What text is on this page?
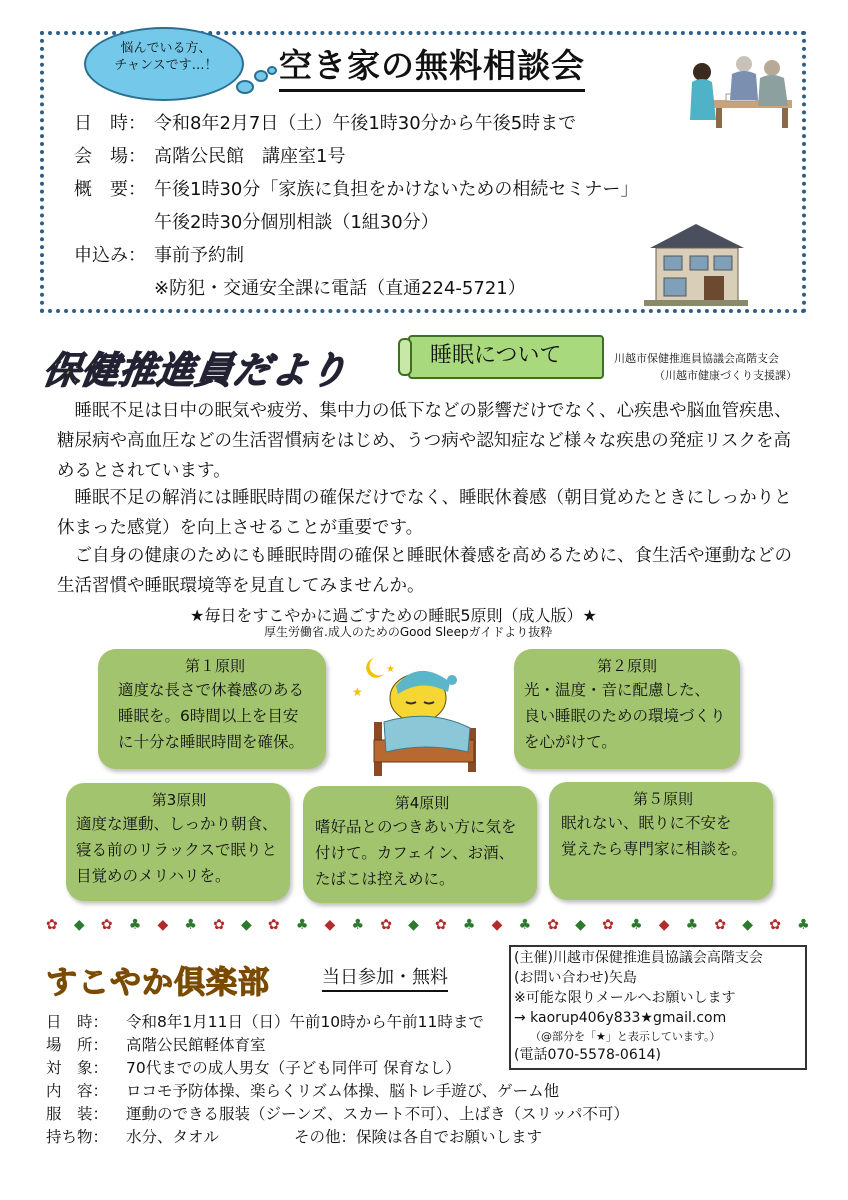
悩んでいる方、
チャンスです…！	空き家の無料相談会
日　時： 令和8年2月7日（土）午後1時30分から午後5時まで
会　場： 高階公民館　講座室1号
概　要： 午後1時30分「家族に負担をかけないための相続セミナー」
午後2時30分個別相談（1組30分）
申込み： 事前予約制
※防犯・交通安全課に電話（直通224-5721）
保健推進員だより	睡眠について	川越市保健推進員協議会高階支会
（川越市健康づくり支援課）
　睡眠不足は日中の眠気や疲労、集中力の低下などの影響だけでなく、心疾患や脳血管疾患、糖尿病や高血圧などの生活習慣病をはじめ、うつ病や認知症など様々な疾患の発症リスクを高めるとされています。
　睡眠不足の解消には睡眠時間の確保だけでなく、睡眠休養感（朝目覚めたときにしっかりと休まった感覚）を向上させることが重要です。
　ご自身の健康のためにも睡眠時間の確保と睡眠休養感を高めるために、食生活や運動などの生活習慣や睡眠環境等を見直してみませんか。
★毎日をすこやかに過ごすための睡眠5原則（成人版）★
厚生労働省.成人のためのGood Sleepガイドより抜粋
第１原則
適度な長さで休養感のある
睡眠を。6時間以上を目安
に十分な睡眠時間を確保。
第２原則
光・温度・音に配慮した、
良い睡眠のための環境づくり
を心がけて。
第3原則
適度な運動、しっかり朝食、
寝る前のリラックスで眠りと
目覚めのメリハリを。
第4原則
嗜好品とのつきあい方に気を
付けて。カフェイン、お酒、
たばこは控えめに。
第５原則
眠れない、眠りに不安を
覚えたら専門家に相談を。
★
★
✿ ◆ ✿ ♣ ◆ ♣ ✿ ◆ ✿ ♣ ◆ ♣ ✿ ◆ ✿ ♣ ◆ ♣ ✿ ◆ ✿ ♣ ◆ ♣ ✿ ◆ ✿ ♣
すこやか倶楽部	当日参加・無料
(主催)川越市保健推進員協議会高階支会
(お問い合わせ)矢島
※可能な限りメールへお願いします
→ kaorup406y833★gmail.com
（@部分を「★」と表示しています。）
(電話070-5578-0614)
日　時： 令和8年1月11日（日）午前10時から午前11時まで
場　所： 高階公民館軽体育室
対　象： 70代までの成人男女（子ども同伴可 保育なし）
内　容： ロコモ予防体操、楽らくリズム体操、脳トレ手遊び、ゲーム他
服　装： 運動のできる服装（ジーンズ、スカート不可）、上ばき（スリッパ不可）
持ち物： 水分、タオル	その他：保険は各自でお願いします
